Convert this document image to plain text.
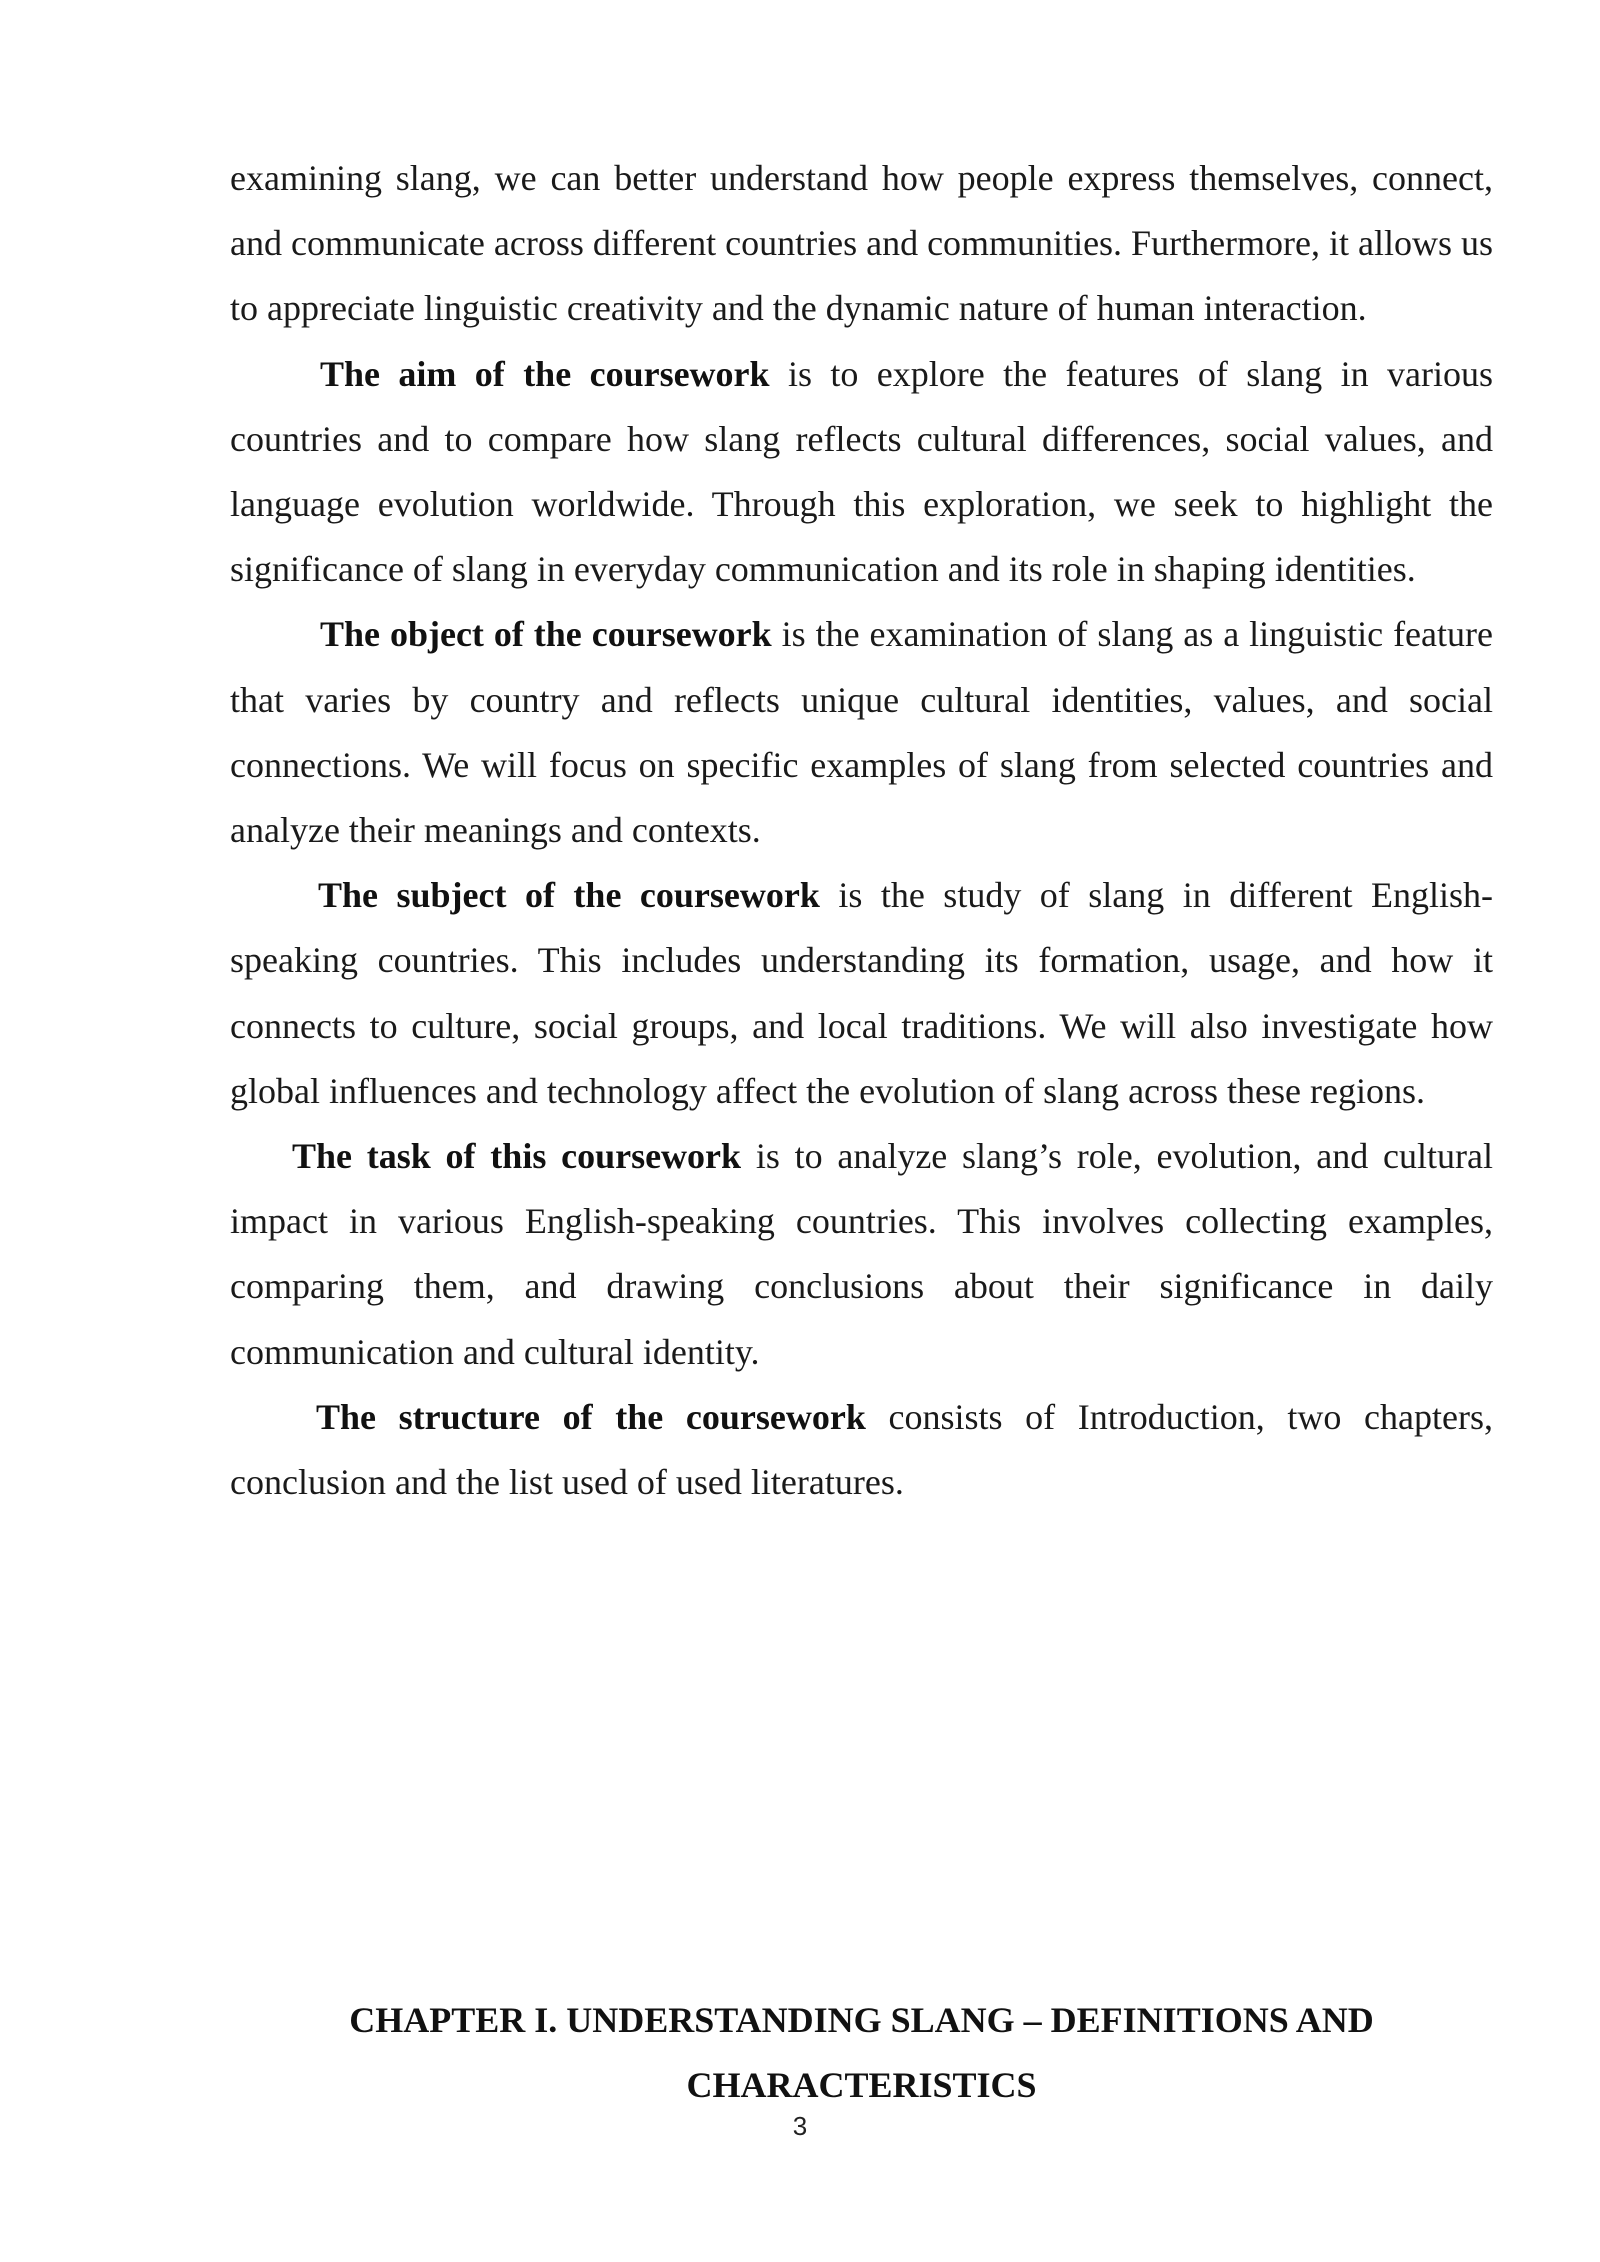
examining slang, we can better understand how people express themselves, connect, and communicate across different countries and communities. Furthermore, it allows us to appreciate linguistic creativity and the dynamic nature of human interaction.

The aim of the coursework is to explore the features of slang in various countries and to compare how slang reflects cultural differences, social values, and language evolution worldwide. Through this exploration, we seek to highlight the significance of slang in everyday communication and its role in shaping identities.

The object of the coursework is the examination of slang as a linguistic feature that varies by country and reflects unique cultural identities, values, and social connections. We will focus on specific examples of slang from selected countries and analyze their meanings and contexts.

The subject of the coursework is the study of slang in different English-speaking countries. This includes understanding its formation, usage, and how it connects to culture, social groups, and local traditions. We will also investigate how global influences and technology affect the evolution of slang across these regions.

The task of this coursework is to analyze slang’s role, evolution, and cultural impact in various English-speaking countries. This involves collecting examples, comparing them, and drawing conclusions about their significance in daily communication and cultural identity.

The structure of the coursework consists of Introduction, two chapters, conclusion and the list used of used literatures.

CHAPTER I. UNDERSTANDING SLANG – DEFINITIONS AND
CHARACTERISTICS
3
